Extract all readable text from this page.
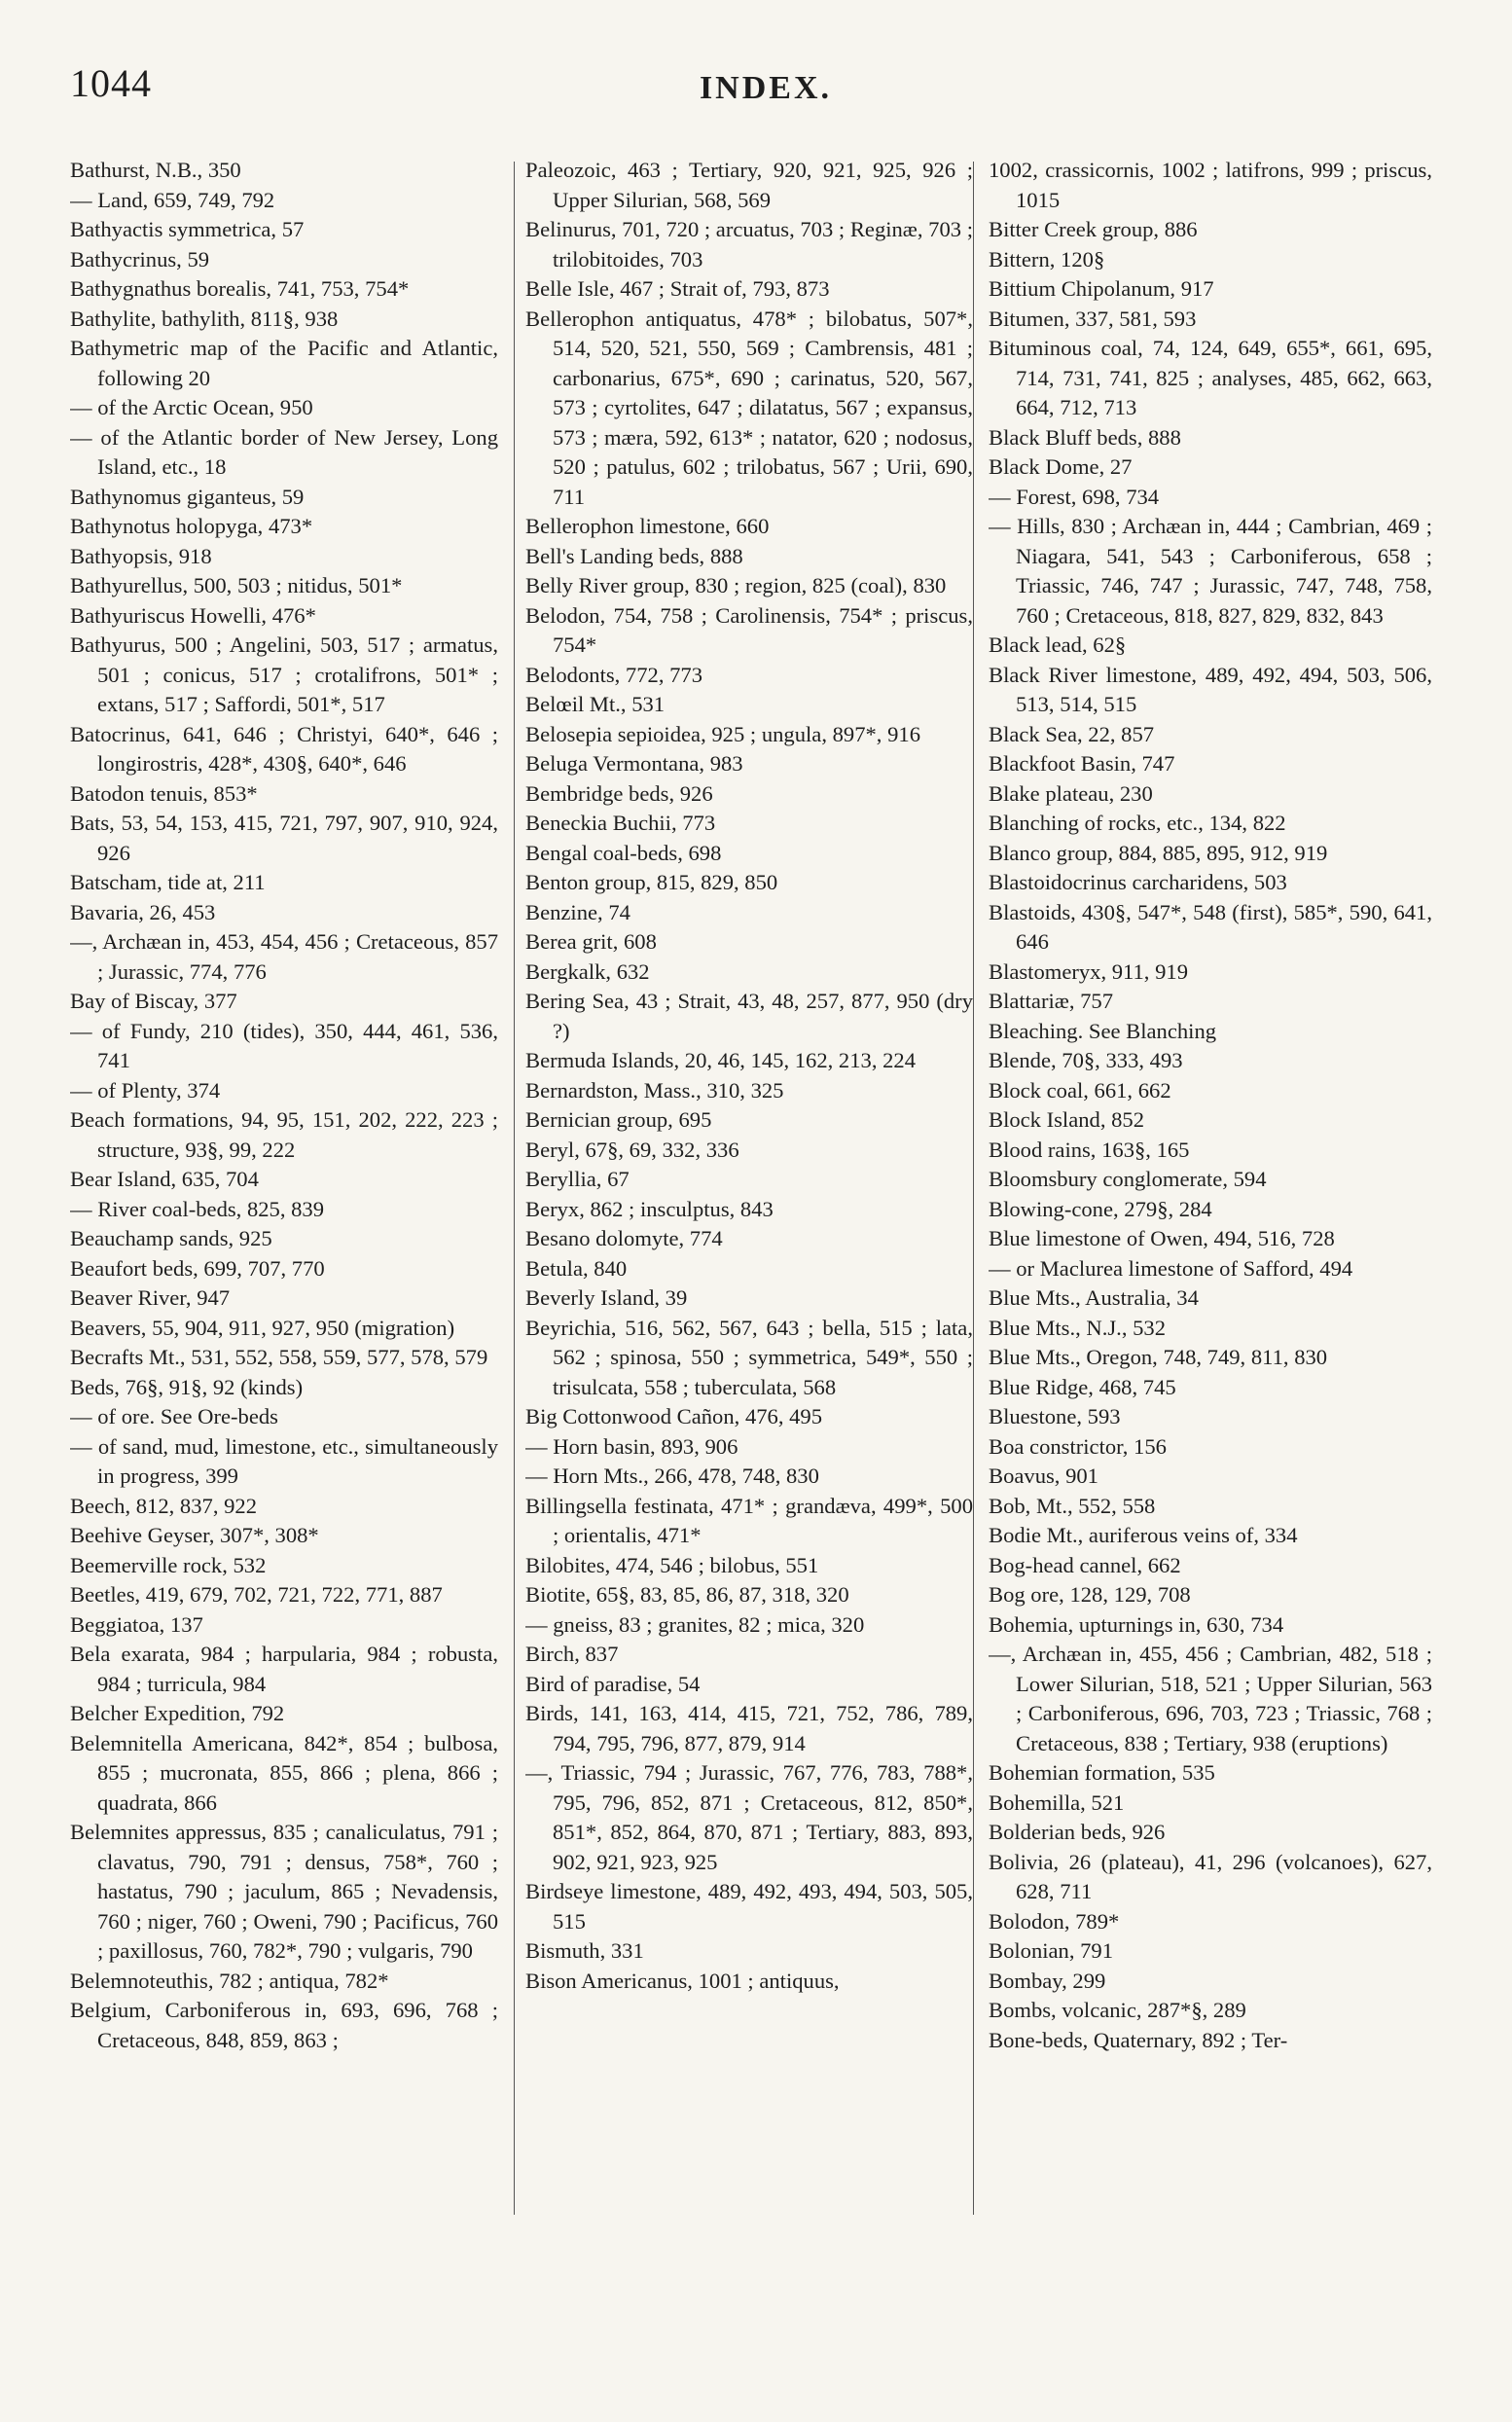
1044	INDEX.

Bathurst, N.B., 350

— Land, 659, 749, 792

Bathyactis symmetrica, 57

Bathycrinus, 59

Bathygnathus borealis, 741, 753, 754*

Bathylite, bathylith, 811§, 938

Bathymetric map of the Pacific and Atlantic, following 20

— of the Arctic Ocean, 950

— of the Atlantic border of New Jersey, Long Island, etc., 18

Bathynomus giganteus, 59

Bathynotus holopyga, 473*

Bathyopsis, 918

Bathyurellus, 500, 503 ; nitidus, 501*

Bathyuriscus Howelli, 476*

Bathyurus, 500 ; Angelini, 503, 517 ; armatus, 501 ; conicus, 517 ; crotalifrons, 501* ; extans, 517 ; Saffordi, 501*, 517

Batocrinus, 641, 646 ; Christyi, 640*, 646 ; longirostris, 428*, 430§, 640*, 646

Batodon tenuis, 853*

Bats, 53, 54, 153, 415, 721, 797, 907, 910, 924, 926

Batscham, tide at, 211

Bavaria, 26, 453

—, Archæan in, 453, 454, 456 ; Cretaceous, 857 ; Jurassic, 774, 776

Bay of Biscay, 377

— of Fundy, 210 (tides), 350, 444, 461, 536, 741

— of Plenty, 374

Beach formations, 94, 95, 151, 202, 222, 223 ; structure, 93§, 99, 222

Bear Island, 635, 704

— River coal-beds, 825, 839

Beauchamp sands, 925

Beaufort beds, 699, 707, 770

Beaver River, 947

Beavers, 55, 904, 911, 927, 950 (migration)

Becrafts Mt., 531, 552, 558, 559, 577, 578, 579

Beds, 76§, 91§, 92 (kinds)

— of ore. See Ore-beds

— of sand, mud, limestone, etc., simultaneously in progress, 399

Beech, 812, 837, 922

Beehive Geyser, 307*, 308*

Beemerville rock, 532

Beetles, 419, 679, 702, 721, 722, 771, 887

Beggiatoa, 137

Bela exarata, 984 ; harpularia, 984 ; robusta, 984 ; turricula, 984

Belcher Expedition, 792

Belemnitella Americana, 842*, 854 ; bulbosa, 855 ; mucronata, 855, 866 ; plena, 866 ; quadrata, 866

Belemnites appressus, 835 ; canaliculatus, 791 ; clavatus, 790, 791 ; densus, 758*, 760 ; hastatus, 790 ; jaculum, 865 ; Nevadensis, 760 ; niger, 760 ; Oweni, 790 ; Pacificus, 760 ; paxillosus, 760, 782*, 790 ; vulgaris, 790

Belemnoteuthis, 782 ; antiqua, 782*

Belgium, Carboniferous in, 693, 696, 768 ; Cretaceous, 848, 859, 863 ;

Paleozoic, 463 ; Tertiary, 920, 921, 925, 926 ; Upper Silurian, 568, 569

Belinurus, 701, 720 ; arcuatus, 703 ; Reginæ, 703 ; trilobitoides, 703

Belle Isle, 467 ; Strait of, 793, 873

Bellerophon antiquatus, 478* ; bilobatus, 507*, 514, 520, 521, 550, 569 ; Cambrensis, 481 ; carbonarius, 675*, 690 ; carinatus, 520, 567, 573 ; cyrtolites, 647 ; dilatatus, 567 ; expansus, 573 ; mæra, 592, 613* ; natator, 620 ; nodosus, 520 ; patulus, 602 ; trilobatus, 567 ; Urii, 690, 711

Bellerophon limestone, 660

Bell's Landing beds, 888

Belly River group, 830 ; region, 825 (coal), 830

Belodon, 754, 758 ; Carolinensis, 754* ; priscus, 754*

Belodonts, 772, 773

Belœil Mt., 531

Belosepia sepioidea, 925 ; ungula, 897*, 916

Beluga Vermontana, 983

Bembridge beds, 926

Beneckia Buchii, 773

Bengal coal-beds, 698

Benton group, 815, 829, 850

Benzine, 74

Berea grit, 608

Bergkalk, 632

Bering Sea, 43 ; Strait, 43, 48, 257, 877, 950 (dry ?)

Bermuda Islands, 20, 46, 145, 162, 213, 224

Bernardston, Mass., 310, 325

Bernician group, 695

Beryl, 67§, 69, 332, 336

Beryllia, 67

Beryx, 862 ; insculptus, 843

Besano dolomyte, 774

Betula, 840

Beverly Island, 39

Beyrichia, 516, 562, 567, 643 ; bella, 515 ; lata, 562 ; spinosa, 550 ; symmetrica, 549*, 550 ; trisulcata, 558 ; tuberculata, 568

Big Cottonwood Cañon, 476, 495

— Horn basin, 893, 906

— Horn Mts., 266, 478, 748, 830

Billingsella festinata, 471* ; grandæva, 499*, 500 ; orientalis, 471*

Bilobites, 474, 546 ; bilobus, 551

Biotite, 65§, 83, 85, 86, 87, 318, 320

— gneiss, 83 ; granites, 82 ; mica, 320

Birch, 837

Bird of paradise, 54

Birds, 141, 163, 414, 415, 721, 752, 786, 789, 794, 795, 796, 877, 879, 914

—, Triassic, 794 ; Jurassic, 767, 776, 783, 788*, 795, 796, 852, 871 ; Cretaceous, 812, 850*, 851*, 852, 864, 870, 871 ; Tertiary, 883, 893, 902, 921, 923, 925

Birdseye limestone, 489, 492, 493, 494, 503, 505, 515

Bismuth, 331

Bison Americanus, 1001 ; antiquus,

1002, crassicornis, 1002 ; latifrons, 999 ; priscus, 1015

Bitter Creek group, 886

Bittern, 120§

Bittium Chipolanum, 917

Bitumen, 337, 581, 593

Bituminous coal, 74, 124, 649, 655*, 661, 695, 714, 731, 741, 825 ; analyses, 485, 662, 663, 664, 712, 713

Black Bluff beds, 888

Black Dome, 27

— Forest, 698, 734

— Hills, 830 ; Archæan in, 444 ; Cambrian, 469 ; Niagara, 541, 543 ; Carboniferous, 658 ; Triassic, 746, 747 ; Jurassic, 747, 748, 758, 760 ; Cretaceous, 818, 827, 829, 832, 843

Black lead, 62§

Black River limestone, 489, 492, 494, 503, 506, 513, 514, 515

Black Sea, 22, 857

Blackfoot Basin, 747

Blake plateau, 230

Blanching of rocks, etc., 134, 822

Blanco group, 884, 885, 895, 912, 919

Blastoidocrinus carcharidens, 503

Blastoids, 430§, 547*, 548 (first), 585*, 590, 641, 646

Blastomeryx, 911, 919

Blattariæ, 757

Bleaching. See Blanching

Blende, 70§, 333, 493

Block coal, 661, 662

Block Island, 852

Blood rains, 163§, 165

Bloomsbury conglomerate, 594

Blowing-cone, 279§, 284

Blue limestone of Owen, 494, 516, 728

— or Maclurea limestone of Safford, 494

Blue Mts., Australia, 34

Blue Mts., N.J., 532

Blue Mts., Oregon, 748, 749, 811, 830

Blue Ridge, 468, 745

Bluestone, 593

Boa constrictor, 156

Boavus, 901

Bob, Mt., 552, 558

Bodie Mt., auriferous veins of, 334

Bog-head cannel, 662

Bog ore, 128, 129, 708

Bohemia, upturnings in, 630, 734

—, Archæan in, 455, 456 ; Cambrian, 482, 518 ; Lower Silurian, 518, 521 ; Upper Silurian, 563 ; Carboniferous, 696, 703, 723 ; Triassic, 768 ; Cretaceous, 838 ; Tertiary, 938 (eruptions)

Bohemian formation, 535

Bohemilla, 521

Bolderian beds, 926

Bolivia, 26 (plateau), 41, 296 (volcanoes), 627, 628, 711

Bolodon, 789*

Bolonian, 791

Bombay, 299

Bombs, volcanic, 287*§, 289

Bone-beds, Quaternary, 892 ; Ter-
